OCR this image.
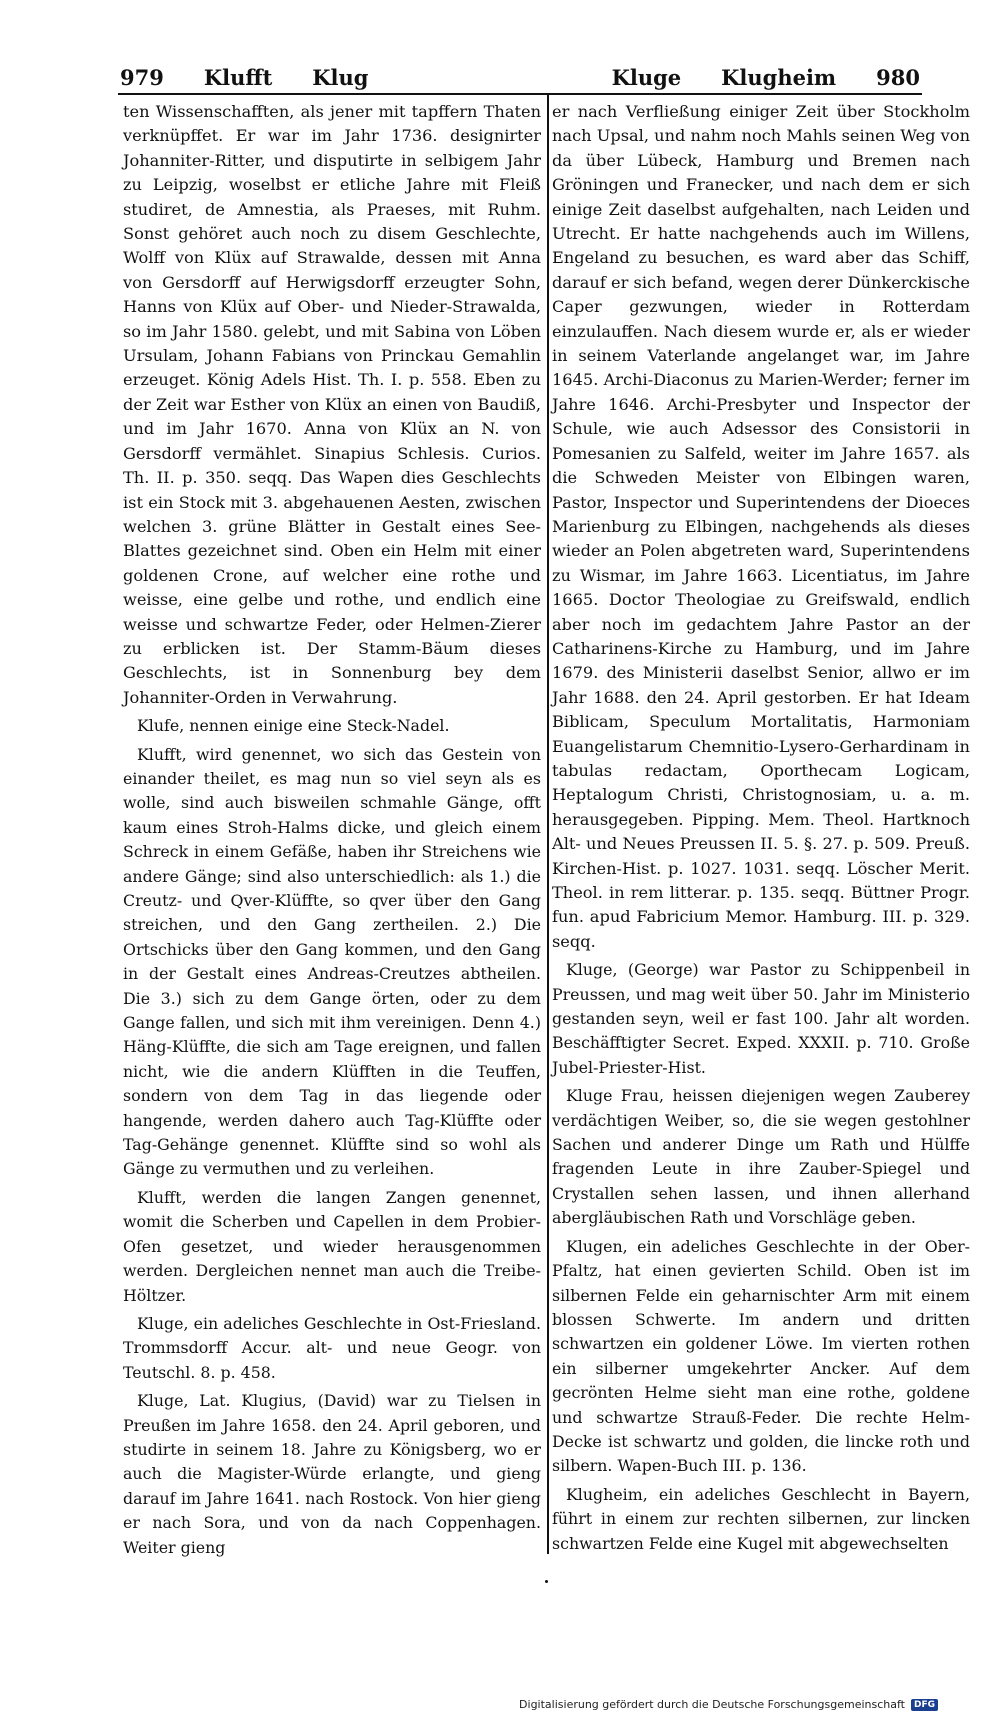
979 Klufft Klug	Kluge Klugheim 980

ten Wissenschafften, als jener mit tapffern Thaten verknüpffet. Er war im Jahr 1736. designirter Johanniter-Ritter, und disputirte in selbigem Jahr zu Leipzig, woselbst er etliche Jahre mit Fleiß studiret, de Amnestia, als Praeses, mit Ruhm. Sonst gehöret auch noch zu disem Geschlechte, Wolff von Klüx auf Strawalde, dessen mit Anna von Gersdorff auf Herwigsdorff erzeugter Sohn, Hanns von Klüx auf Ober- und Nieder-Strawalda, so im Jahr 1580. gelebt, und mit Sabina von Löben Ursulam, Johann Fabians von Princkau Gemahlin erzeuget. König Adels Hist. Th. I. p. 558. Eben zu der Zeit war Esther von Klüx an einen von Baudiß, und im Jahr 1670. Anna von Klüx an N. von Gersdorff vermählet. Sinapius Schlesis. Curios. Th. II. p. 350. seqq. Das Wapen dies Geschlechts ist ein Stock mit 3. abgehauenen Aesten, zwischen welchen 3. grüne Blätter in Gestalt eines See-Blattes gezeichnet sind. Oben ein Helm mit einer goldenen Crone, auf welcher eine rothe und weisse, eine gelbe und rothe, und endlich eine weisse und schwartze Feder, oder Helmen-Zierer zu erblicken ist. Der Stamm-Bäum dieses Geschlechts, ist in Sonnenburg bey dem Johanniter-Orden in Verwahrung.

Klufe, nennen einige eine Steck-Nadel.

Klufft, wird genennet, wo sich das Gestein von einander theilet, es mag nun so viel seyn als es wolle, sind auch bisweilen schmahle Gänge, offt kaum eines Stroh-Halms dicke, und gleich einem Schreck in einem Gefäße, haben ihr Streichens wie andere Gänge; sind also unterschiedlich: als 1.) die Creutz- und Qver-Klüffte, so qver über den Gang streichen, und den Gang zertheilen. 2.) Die Ortschicks über den Gang kommen, und den Gang in der Gestalt eines Andreas-Creutzes abtheilen. Die 3.) sich zu dem Gange örten, oder zu dem Gange fallen, und sich mit ihm vereinigen. Denn 4.) Häng-Klüffte, die sich am Tage ereignen, und fallen nicht, wie die andern Klüfften in die Teuffen, sondern von dem Tag in das liegende oder hangende, werden dahero auch Tag-Klüffte oder Tag-Gehänge genennet. Klüffte sind so wohl als Gänge zu vermuthen und zu verleihen.

Klufft, werden die langen Zangen genennet, womit die Scherben und Capellen in dem Probier-Ofen gesetzet, und wieder herausgenommen werden. Dergleichen nennet man auch die Treibe-Höltzer.

Kluge, ein adeliches Geschlechte in Ost-Friesland. Trommsdorff Accur. alt- und neue Geogr. von Teutschl. 8. p. 458.

Kluge, Lat. Klugius, (David) war zu Tielsen in Preußen im Jahre 1658. den 24. April geboren, und studirte in seinem 18. Jahre zu Königsberg, wo er auch die Magister-Würde erlangte, und gieng darauf im Jahre 1641. nach Rostock. Von hier gieng er nach Sora, und von da nach Coppenhagen. Weiter gieng

er nach Verfließung einiger Zeit über Stockholm nach Upsal, und nahm noch Mahls seinen Weg von da über Lübeck, Hamburg und Bremen nach Gröningen und Franecker, und nach dem er sich einige Zeit daselbst aufgehalten, nach Leiden und Utrecht. Er hatte nachgehends auch im Willens, Engeland zu besuchen, es ward aber das Schiff, darauf er sich befand, wegen derer Dünkerckische Caper gezwungen, wieder in Rotterdam einzulauffen. Nach diesem wurde er, als er wieder in seinem Vaterlande angelanget war, im Jahre 1645. Archi-Diaconus zu Marien-Werder; ferner im Jahre 1646. Archi-Presbyter und Inspector der Schule, wie auch Adsessor des Consistorii in Pomesanien zu Salfeld, weiter im Jahre 1657. als die Schweden Meister von Elbingen waren, Pastor, Inspector und Superintendens der Dioeces Marienburg zu Elbingen, nachgehends als dieses wieder an Polen abgetreten ward, Superintendens zu Wismar, im Jahre 1663. Licentiatus, im Jahre 1665. Doctor Theologiae zu Greifswald, endlich aber noch im gedachtem Jahre Pastor an der Catharinens-Kirche zu Hamburg, und im Jahre 1679. des Ministerii daselbst Senior, allwo er im Jahr 1688. den 24. April gestorben. Er hat Ideam Biblicam, Speculum Mortalitatis, Harmoniam Euangelistarum Chemnitio-Lysero-Gerhardinam in tabulas redactam, Oporthecam Logicam, Heptalogum Christi, Christognosiam, u. a. m. herausgegeben. Pipping. Mem. Theol. Hartknoch Alt- und Neues Preussen II. 5. §. 27. p. 509. Preuß. Kirchen-Hist. p. 1027. 1031. seqq. Löscher Merit. Theol. in rem litterar. p. 135. seqq. Büttner Progr. fun. apud Fabricium Memor. Hamburg. III. p. 329. seqq.

Kluge, (George) war Pastor zu Schippenbeil in Preussen, und mag weit über 50. Jahr im Ministerio gestanden seyn, weil er fast 100. Jahr alt worden. Beschäfftigter Secret. Exped. XXXII. p. 710. Große Jubel-Priester-Hist.

Kluge Frau, heissen diejenigen wegen Zauberey verdächtigen Weiber, so, die sie wegen gestohlner Sachen und anderer Dinge um Rath und Hülffe fragenden Leute in ihre Zauber-Spiegel und Crystallen sehen lassen, und ihnen allerhand abergläubischen Rath und Vorschläge geben.

Klugen, ein adeliches Geschlechte in der Ober-Pfaltz, hat einen gevierten Schild. Oben ist im silbernen Felde ein geharnischter Arm mit einem blossen Schwerte. Im andern und dritten schwartzen ein goldener Löwe. Im vierten rothen ein silberner umgekehrter Ancker. Auf dem gecrönten Helme sieht man eine rothe, goldene und schwartze Strauß-Feder. Die rechte Helm-Decke ist schwartz und golden, die lincke roth und silbern. Wapen-Buch III. p. 136.

Klugheim, ein adeliches Geschlecht in Bayern, führt in einem zur rechten silbernen, zur lincken schwartzen Felde eine Kugel mit abgewechselten

Digitalisierung gefördert durch die Deutsche Forschungsgemeinschaft	DFG
